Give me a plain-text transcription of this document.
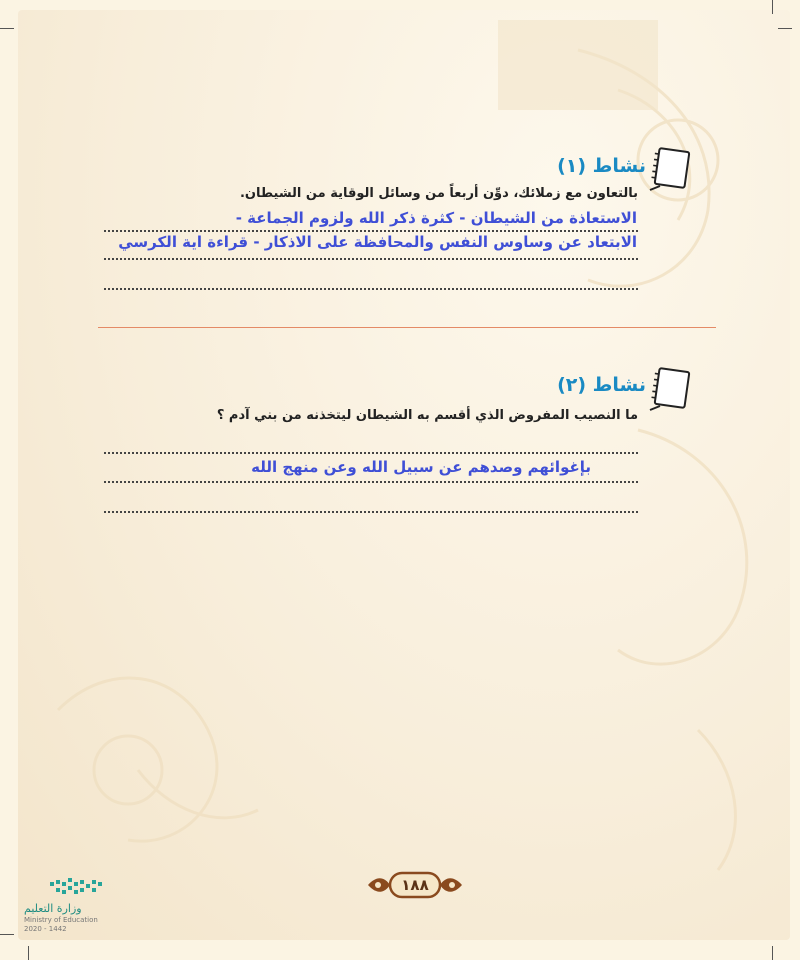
نشاط (١)
بالتعاون مع زملائك، دوِّن أربعاً من وسائل الوقاية من الشيطان.
الاستعاذة من الشيطان - كثرة ذكر الله ولزوم الجماعة -
الابتعاد عن وساوس النفس والمحافظة على الاذكار - قراءة اية الكرسي
نشاط (٢)
ما النصيب المفروض الذي أقسم به الشيطان ليتخذنه من بني آدم ؟
بإغوائهم وصدهم عن سبيل الله وعن منهج الله
١٨٨
وزارة التعليم
Ministry of Education
2020 - 1442
